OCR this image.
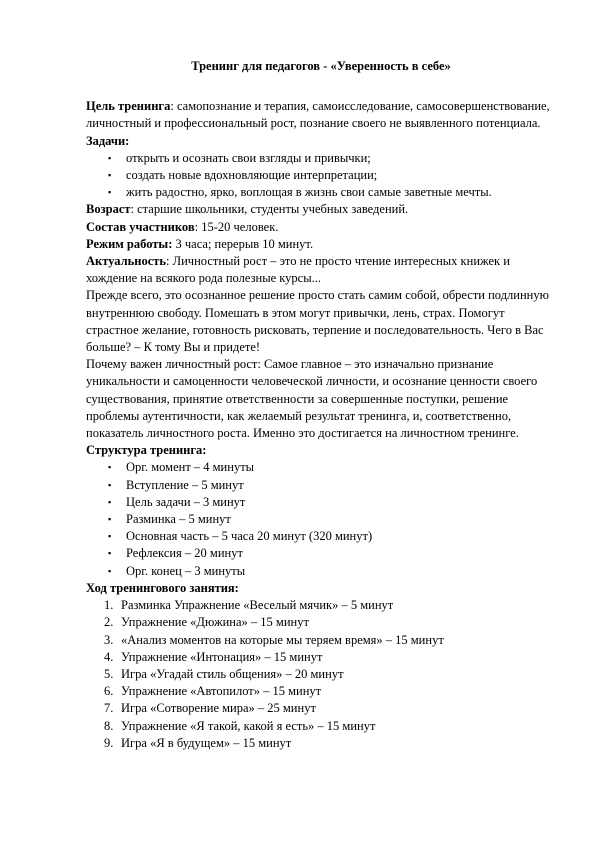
Тренинг для педагогов - «Уверенность в себе»

Цель тренинга: самопознание и терапия, самоисследование, самосовершенствование, личностный и профессиональный рост, познание своего не выявленного потенциала.

Задачи:

▪ открыть и осознать свои взгляды и привычки;
▪ создать новые вдохновляющие интерпретации;
▪ жить радостно, ярко, воплощая в жизнь свои самые заветные мечты.

Возраст: старшие школьники, студенты учебных заведений.

Состав участников: 15-20 человек.

Режим работы: 3 часа; перерыв 10 минут.

Актуальность: Личностный рост – это не просто чтение интересных книжек и хождение на всякого рода полезные курсы...

Прежде всего, это осознанное решение просто стать самим собой, обрести подлинную внутреннюю свободу. Помешать в этом могут привычки, лень, страх. Помогут страстное желание, готовность рисковать, терпение и последовательность. Чего в Вас больше? – К тому Вы и придете!

Почему важен личностный рост: Самое главное – это изначально признание уникальности и самоценности человеческой личности, и осознание ценности своего существования, принятие ответственности за совершенные поступки, решение проблемы аутентичности, как желаемый результат тренинга, и, соответственно, показатель личностного роста. Именно это достигается на личностном тренинге.

Структура тренинга:

▪ Орг. момент – 4 минуты
▪ Вступление – 5 минут
▪ Цель задачи – 3 минут
▪ Разминка – 5 минут
▪ Основная часть – 5 часа 20 минут (320 минут)
▪ Рефлексия – 20 минут
▪ Орг. конец – 3 минуты

Ход тренингового занятия:

1. Разминка Упражнение «Веселый мячик» – 5 минут
2. Упражнение «Дюжина» – 15 минут
3. «Анализ моментов на которые мы теряем время» – 15 минут
4. Упражнение «Интонация» – 15 минут
5. Игра «Угадай стиль общения» – 20 минут
6. Упражнение «Автопилот» – 15 минут
7. Игра «Сотворение мира» – 25 минут
8. Упражнение «Я такой, какой я есть» – 15 минут
9. Игра «Я в будущем» – 15 минут
